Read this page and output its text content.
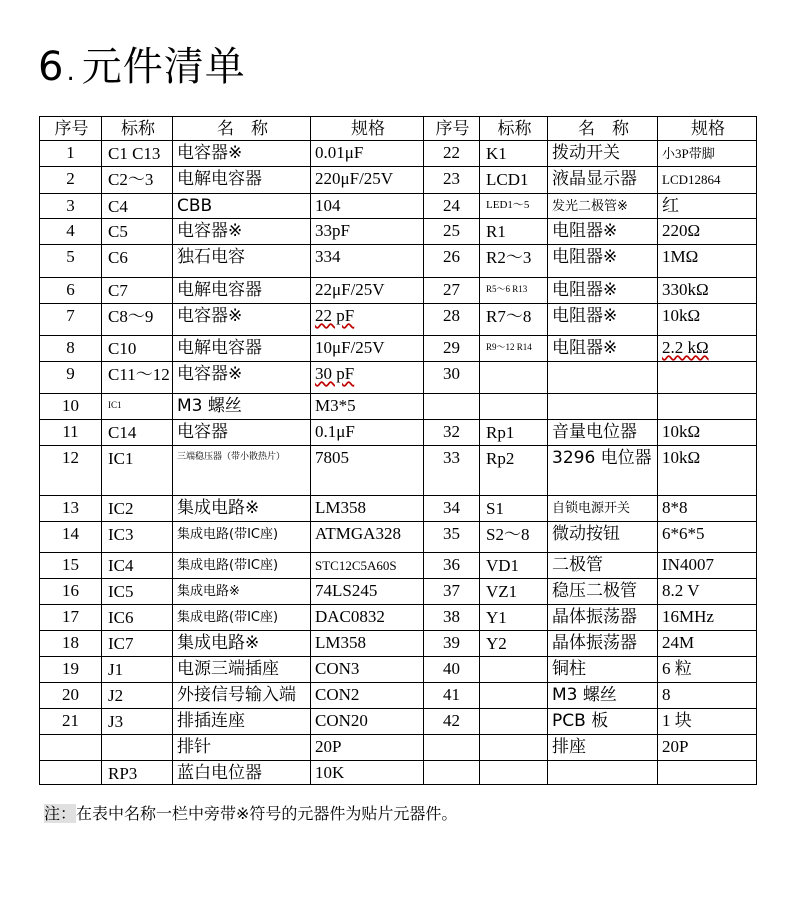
6. 元件清单
序号	标称	名　称	规格	序号	标称	名　称	规格
1	C1 C13	电容器※	0.01μF	22	K1	拨动开关	小3P带脚
2	C2～3	电解电容器	220μF/25V	23	LCD1	液晶显示器	LCD12864
3	C4	CBB	104	24	LED1～5	发光二极管※	红
4	C5	电容器※	33pF	25	R1	电阻器※	220Ω
5	C6	独石电容	334	26	R2～3	电阻器※	1MΩ
6	C7	电解电容器	22μF/25V	27	R5～6 R13	电阻器※	330kΩ
7	C8～9	电容器※	22 pF	28	R7～8	电阻器※	10kΩ
8	C10	电解电容器	10μF/25V	29	R9～12 R14	电阻器※	2.2 kΩ
9	C11～12	电容器※	30 pF	30			
10	IC1	M3 螺丝	M3*5				
11	C14	电容器	0.1μF	32	Rp1	音量电位器	10kΩ
12	IC1	三端稳压器（带小散热片）	7805	33	Rp2	3296 电位器	10kΩ
13	IC2	集成电路※	LM358	34	S1	自锁电源开关	8*8
14	IC3	集成电路(带IC座)	ATMGA328	35	S2～8	微动按钮	6*6*5
15	IC4	集成电路(带IC座)	STC12C5A60S	36	VD1	二极管	IN4007
16	IC5	集成电路※	74LS245	37	VZ1	稳压二极管	8.2 V
17	IC6	集成电路(带IC座)	DAC0832	38	Y1	晶体振荡器	16MHz
18	IC7	集成电路※	LM358	39	Y2	晶体振荡器	24M
19	J1	电源三端插座	CON3	40		铜柱	6 粒
20	J2	外接信号输入端	CON2	41		M3 螺丝	8
21	J3	排插连座	CON20	42		PCB 板	1 块
		排针	20P			排座	20P
	RP3	蓝白电位器	10K				
注：在表中名称一栏中旁带※符号的元器件为贴片元器件。
